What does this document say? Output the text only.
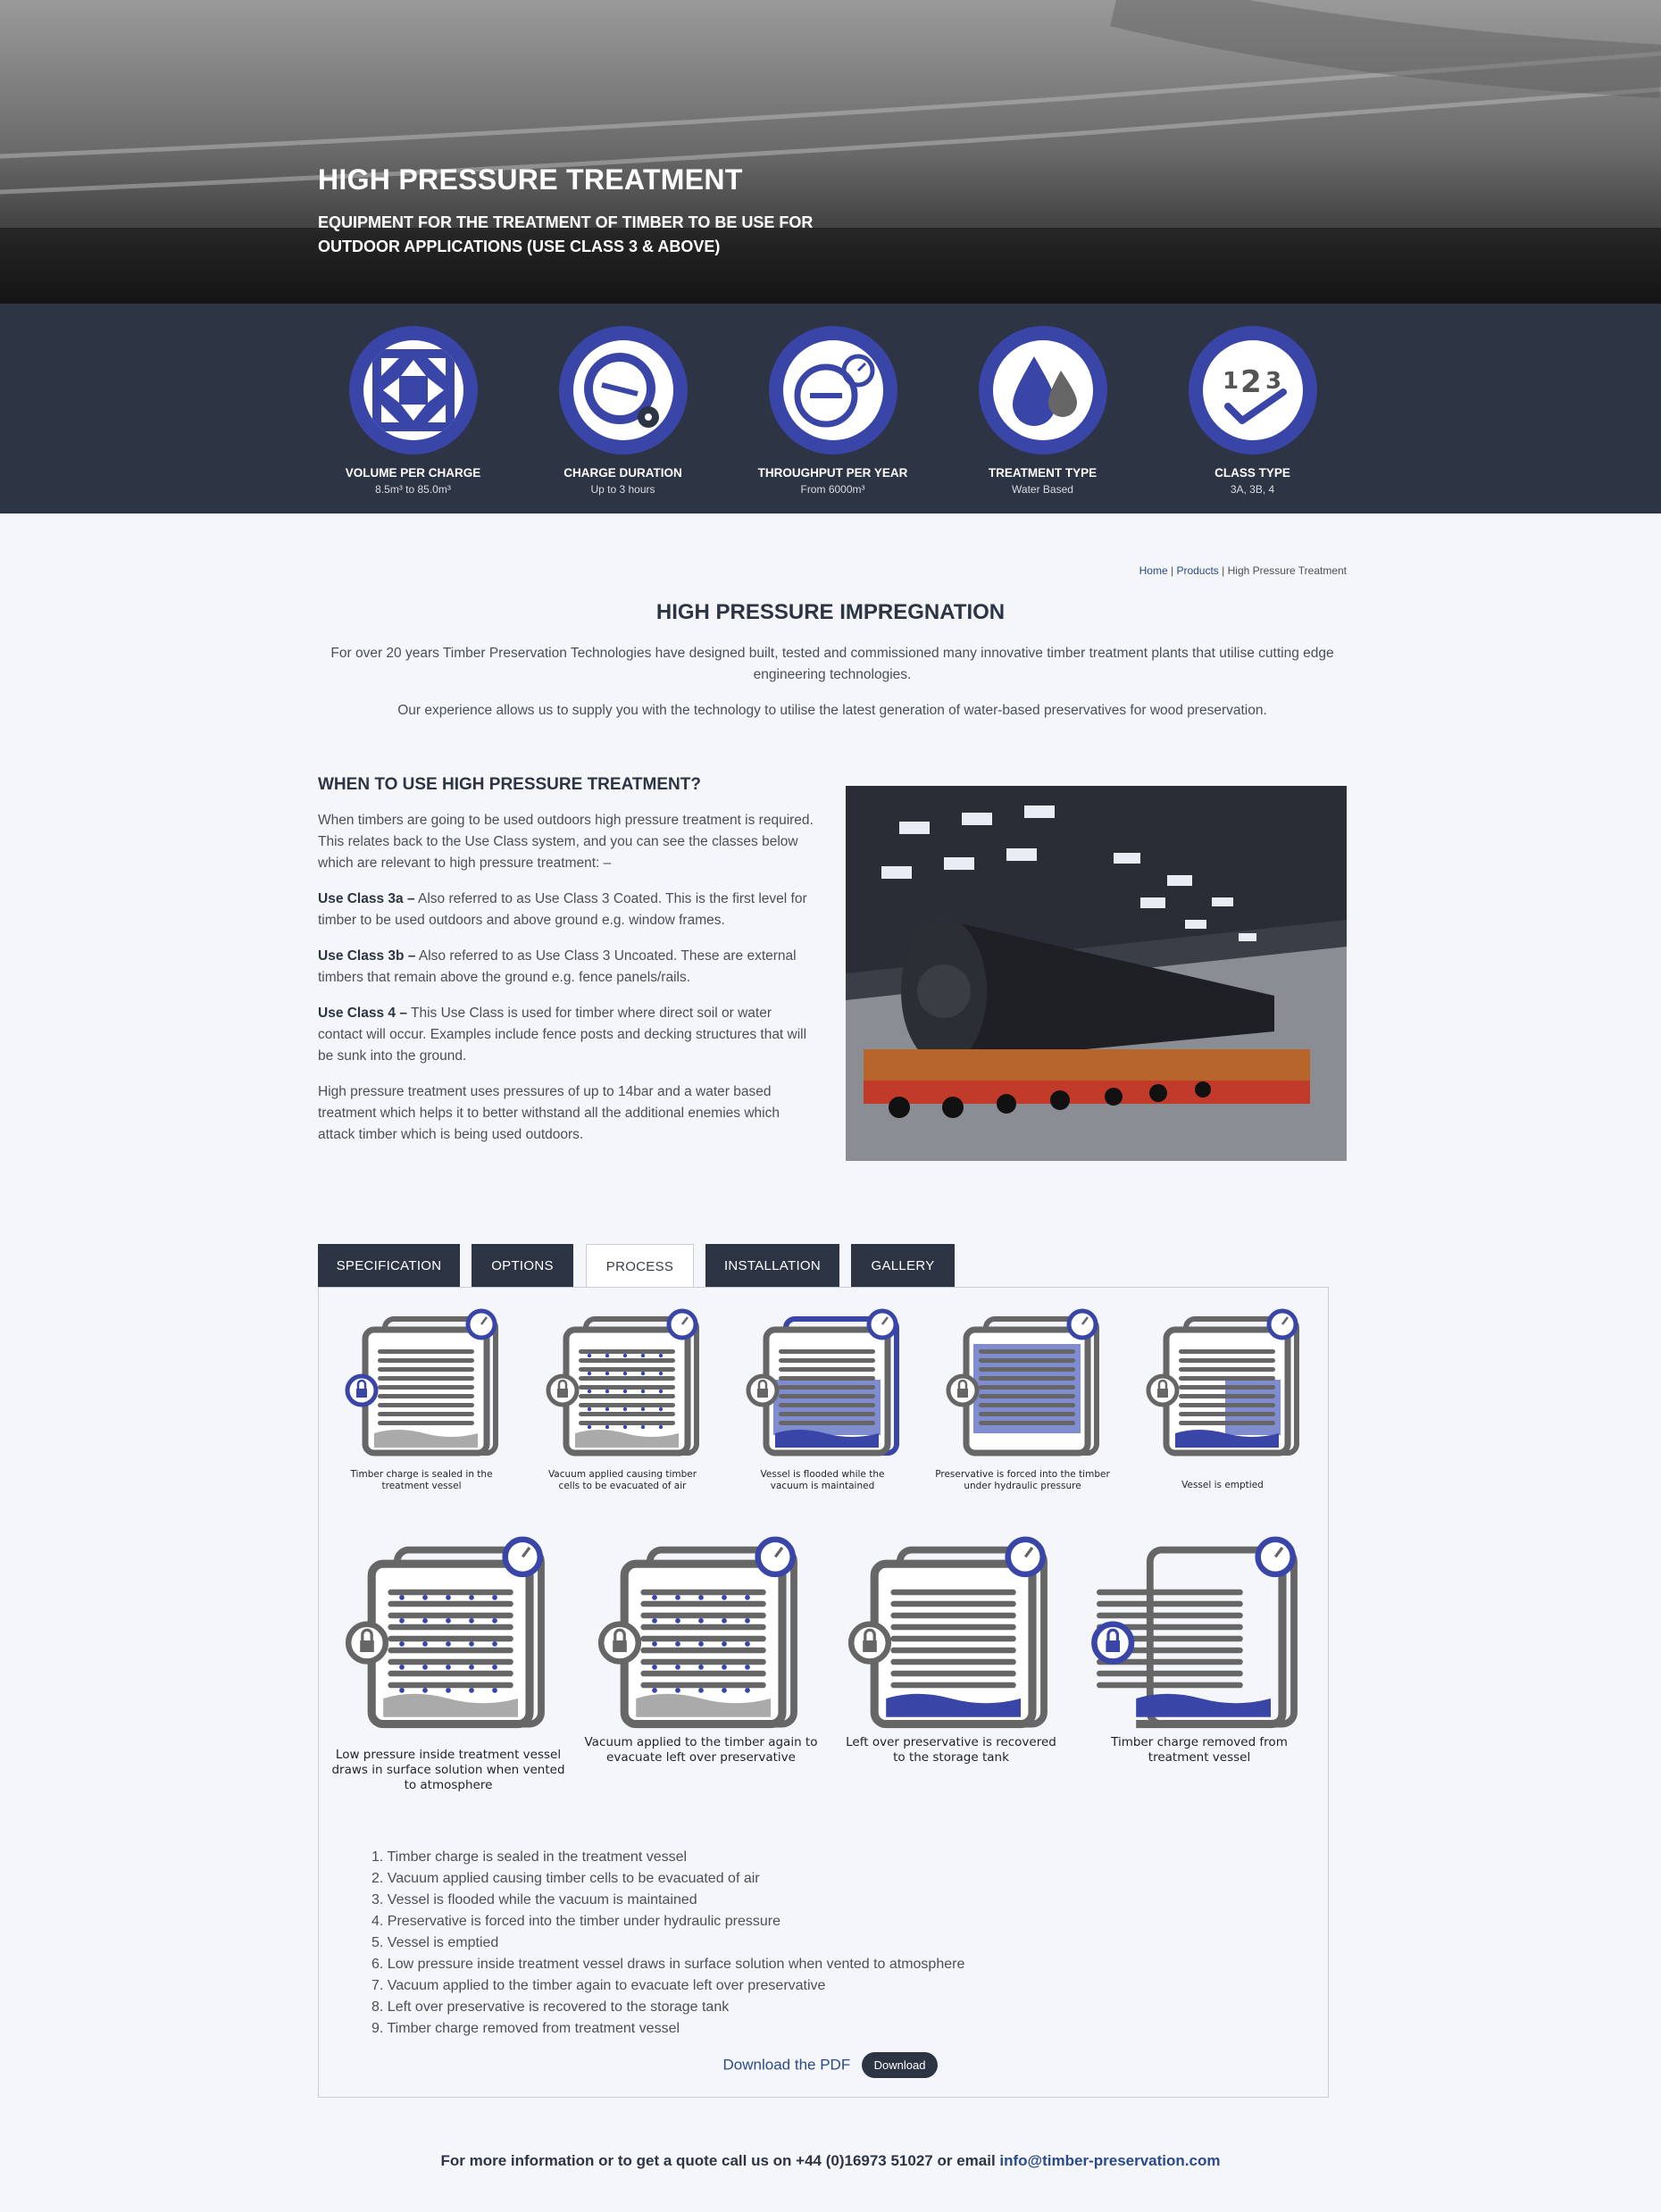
HIGH PRESSURE TREATMENT
EQUIPMENT FOR THE TREATMENT OF TIMBER TO BE USE FOR OUTDOOR APPLICATIONS (USE CLASS 3 & ABOVE)
VOLUME PER CHARGE
8.5m³ to 85.0m³
CHARGE DURATION
Up to 3 hours
THROUGHPUT PER YEAR
From 6000m³
TREATMENT TYPE
Water Based
1 2 3
CLASS TYPE
3A, 3B, 4
Home | Products | High Pressure Treatment
HIGH PRESSURE IMPREGNATION
For over 20 years Timber Preservation Technologies have designed built, tested and commissioned many innovative timber treatment plants that utilise cutting edge engineering technologies.
Our experience allows us to supply you with the technology to utilise the latest generation of water-based preservatives for wood preservation.
WHEN TO USE HIGH PRESSURE TREATMENT?
When timbers are going to be used outdoors high pressure treatment is required. This relates back to the Use Class system, and you can see the classes below which are relevant to high pressure treatment: –
Use Class 3a – Also referred to as Use Class 3 Coated. This is the first level for timber to be used outdoors and above ground e.g. window frames.
Use Class 3b – Also referred to as Use Class 3 Uncoated. These are external timbers that remain above the ground e.g. fence panels/rails.
Use Class 4 – This Use Class is used for timber where direct soil or water contact will occur. Examples include fence posts and decking structures that will be sunk into the ground.
High pressure treatment uses pressures of up to 14bar and a water based treatment which helps it to better withstand all the additional enemies which attack timber which is being used outdoors.
SPECIFICATION	OPTIONS	PROCESS	INSTALLATION	GALLERY
Timber charge is sealed in the
treatment vessel
Vacuum applied causing timber
cells to be evacuated of air
Vessel is flooded while the
vacuum is maintained
Preservative is forced into the timber
under hydraulic pressure	Vessel is emptied
Low pressure inside treatment vessel
draws in surface solution when vented
to atmosphere
Vacuum applied to the timber again to
evacuate left over preservative
Left over preservative is recovered
to the storage tank
Timber charge removed from
treatment vessel
1. Timber charge is sealed in the treatment vessel
2. Vacuum applied causing timber cells to be evacuated of air
3. Vessel is flooded while the vacuum is maintained
4. Preservative is forced into the timber under hydraulic pressure
5. Vessel is emptied
6. Low pressure inside treatment vessel draws in surface solution when vented to atmosphere
7. Vacuum applied to the timber again to evacuate left over preservative
8. Left over preservative is recovered to the storage tank
9. Timber charge removed from treatment vessel
Download the PDF Download
For more information or to get a quote call us on +44 (0)16973 51027 or email info@timber-preservation.com
